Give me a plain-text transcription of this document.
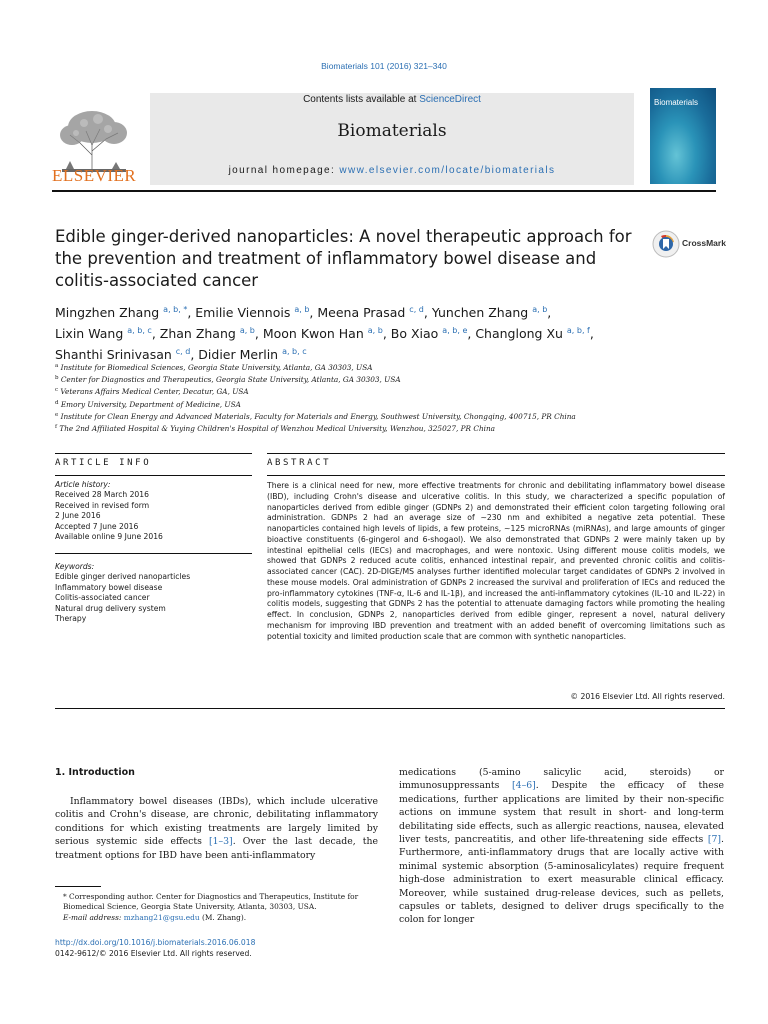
Biomaterials 101 (2016) 321–340
ELSEVIER
Contents lists available at ScienceDirect
Biomaterials
journal homepage: www.elsevier.com/locate/biomaterials
Biomaterials
Edible ginger-derived nanoparticles: A novel therapeutic approach for the prevention and treatment of inflammatory bowel disease and colitis-associated cancer
CrossMark
Mingzhen Zhang $^{a, b, *}$, Emilie Viennois $^{a, b}$, Meena Prasad $^{c, d}$, Yunchen Zhang $^{a, b}$,
Lixin Wang $^{a, b, c}$, Zhan Zhang $^{a, b}$, Moon Kwon Han $^{a, b}$, Bo Xiao $^{a, b, e}$, Changlong Xu $^{a, b, f}$,
Shanthi Srinivasan $^{c, d}$, Didier Merlin $^{a, b, c}$
$^a$ Institute for Biomedical Sciences, Georgia State University, Atlanta, GA 30303, USA
$^b$ Center for Diagnostics and Therapeutics, Georgia State University, Atlanta, GA 30303, USA
$^c$ Veterans Affairs Medical Center, Decatur, GA, USA
$^d$ Emory University, Department of Medicine, USA
$^e$ Institute for Clean Energy and Advanced Materials, Faculty for Materials and Energy, Southwest University, Chongqing, 400715, PR China
$^f$ The 2nd Affiliated Hospital & Yuying Children's Hospital of Wenzhou Medical University, Wenzhou, 325027, PR China
ARTICLE INFO	ABSTRACT
Article history:
Received 28 March 2016
Received in revised form
2 June 2016
Accepted 7 June 2016
Available online 9 June 2016
Keywords:
Edible ginger derived nanoparticles
Inflammatory bowel disease
Colitis-associated cancer
Natural drug delivery system
Therapy
There is a clinical need for new, more effective treatments for chronic and debilitating inflammatory bowel disease (IBD), including Crohn's disease and ulcerative colitis. In this study, we characterized a specific population of nanoparticles derived from edible ginger (GDNPs 2) and demonstrated their efficient colon targeting following oral administration. GDNPs 2 had an average size of ~230 nm and exhibited a negative zeta potential. These nanoparticles contained high levels of lipids, a few proteins, ~125 microRNAs (miRNAs), and large amounts of ginger bioactive constituents (6-gingerol and 6-shogaol). We also demonstrated that GDNPs 2 were mainly taken up by intestinal epithelial cells (IECs) and macrophages, and were nontoxic. Using different mouse colitis models, we showed that GDNPs 2 reduced acute colitis, enhanced intestinal repair, and prevented chronic colitis and colitis-associated cancer (CAC). 2D-DIGE/MS analyses further identified molecular target candidates of GDNPs 2 involved in these mouse models. Oral administration of GDNPs 2 increased the survival and proliferation of IECs and reduced the pro-inflammatory cytokines (TNF-α, IL-6 and IL-1β), and increased the anti-inflammatory cytokines (IL-10 and IL-22) in colitis models, suggesting that GDNPs 2 has the potential to attenuate damaging factors while promoting the healing effect. In conclusion, GDNPs 2, nanoparticles derived from edible ginger, represent a novel, natural delivery mechanism for improving IBD prevention and treatment with an added benefit of overcoming limitations such as potential toxicity and limited production scale that are common with synthetic nanoparticles.
© 2016 Elsevier Ltd. All rights reserved.
1. Introduction
Inflammatory bowel diseases (IBDs), which include ulcerative colitis and Crohn's disease, are chronic, debilitating inflammatory conditions for which existing treatments are largely limited by serious systemic side effects [1–3]. Over the last decade, the treatment options for IBD have been anti-inflammatory
medications (5-amino salicylic acid, steroids) or immunosuppressants [4–6]. Despite the efficacy of these medications, further applications are limited by their non-specific actions on immune system that result in short- and long-term debilitating side effects, such as allergic reactions, nausea, elevated liver tests, pancreatitis, and other life-threatening side effects [7]. Furthermore, anti-inflammatory drugs that are locally active with minimal systemic absorption (5-aminosalicylates) require frequent high-dose administration to exert measurable clinical efficacy. Moreover, while sustained drug-release devices, such as pellets, capsules or tablets, designed to deliver drugs specifically to the colon for longer
* Corresponding author. Center for Diagnostics and Therapeutics, Institute for Biomedical Science, Georgia State University, Atlanta, 30303, USA.
E-mail address: mzhang21@gsu.edu (M. Zhang).
http://dx.doi.org/10.1016/j.biomaterials.2016.06.018
0142-9612/© 2016 Elsevier Ltd. All rights reserved.
